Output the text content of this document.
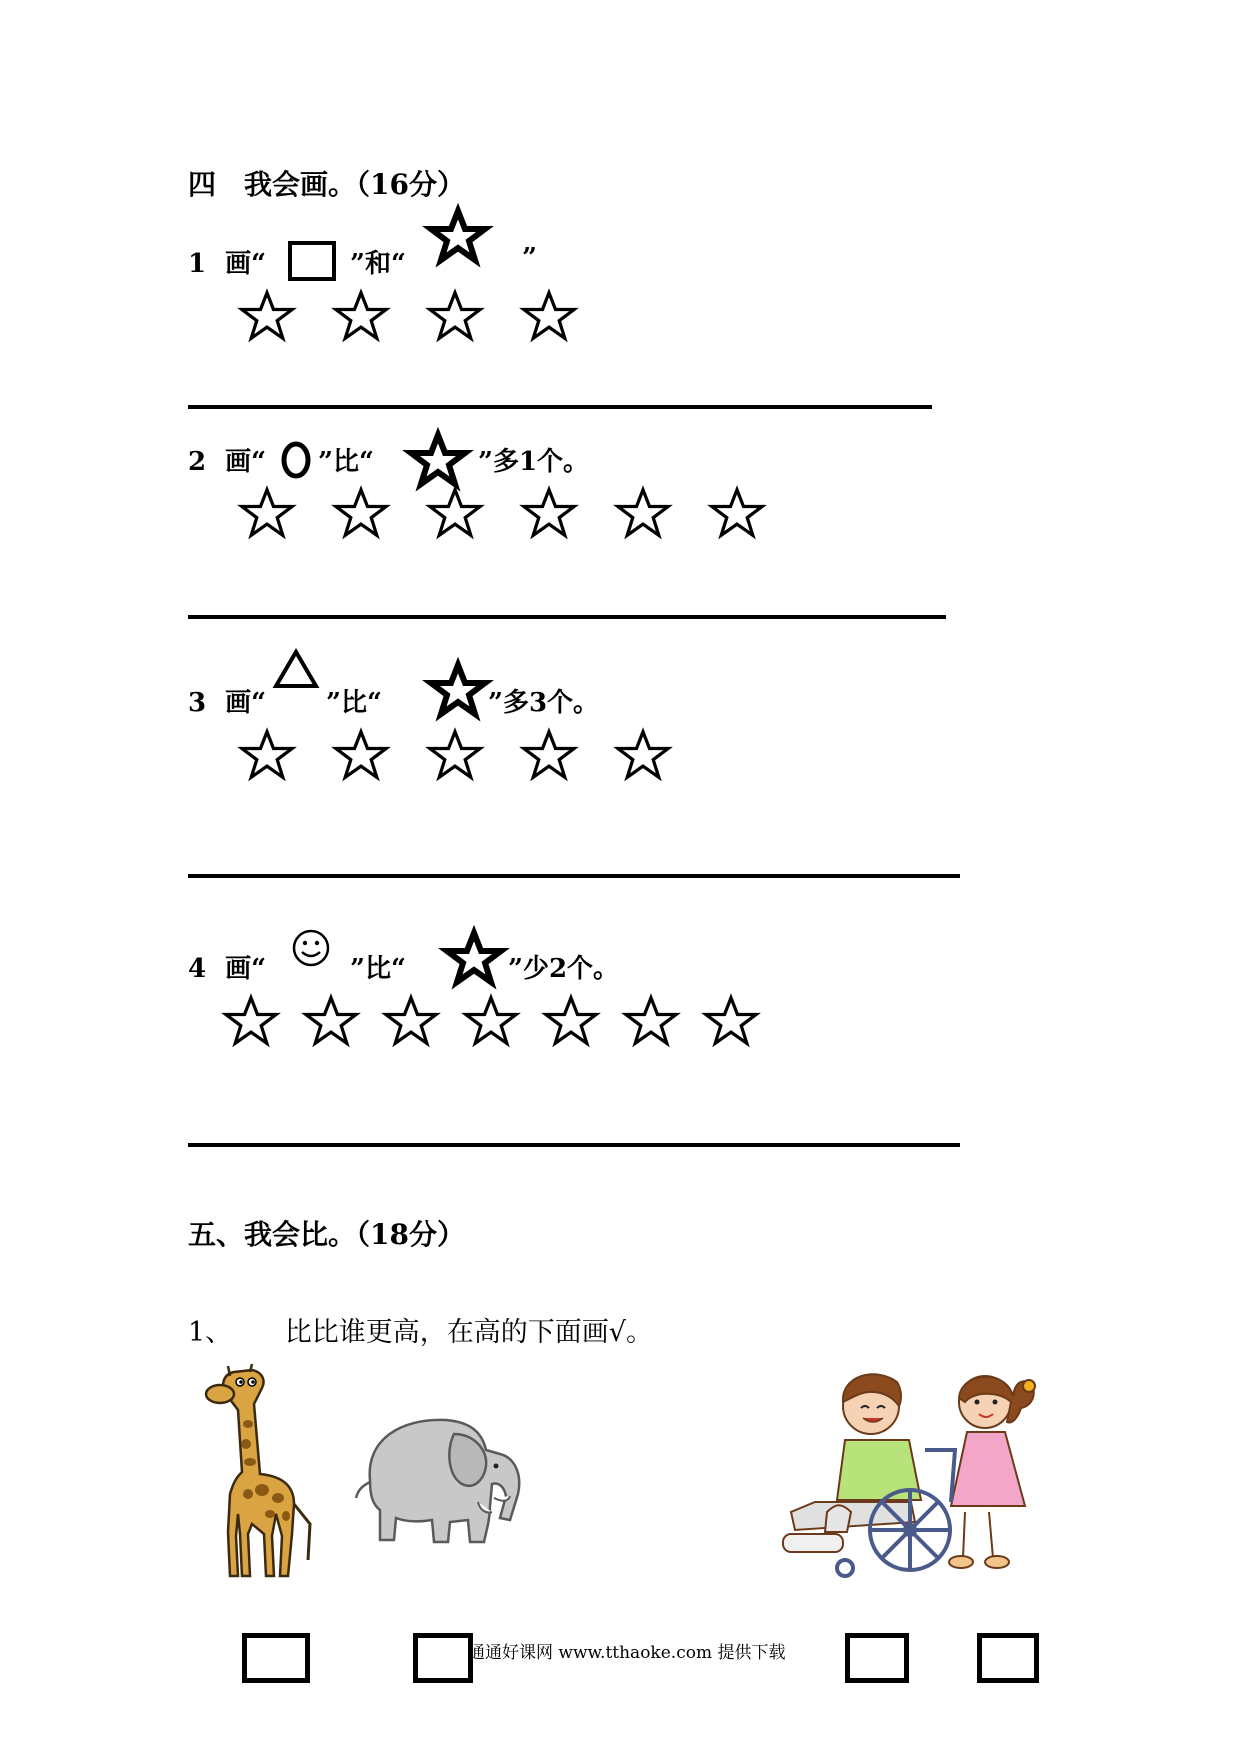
四　我会画。（16分）
1 画“	”和“	”
2 画“ ”比“	”多1个。
3 画“ ”比“	”多3个。
4 画“	”比“	”少2个。
五、我会比。（18分）
1、 比比谁更高，在高的下面画√。
通通好课网 www.tthaoke.com 提供下载
